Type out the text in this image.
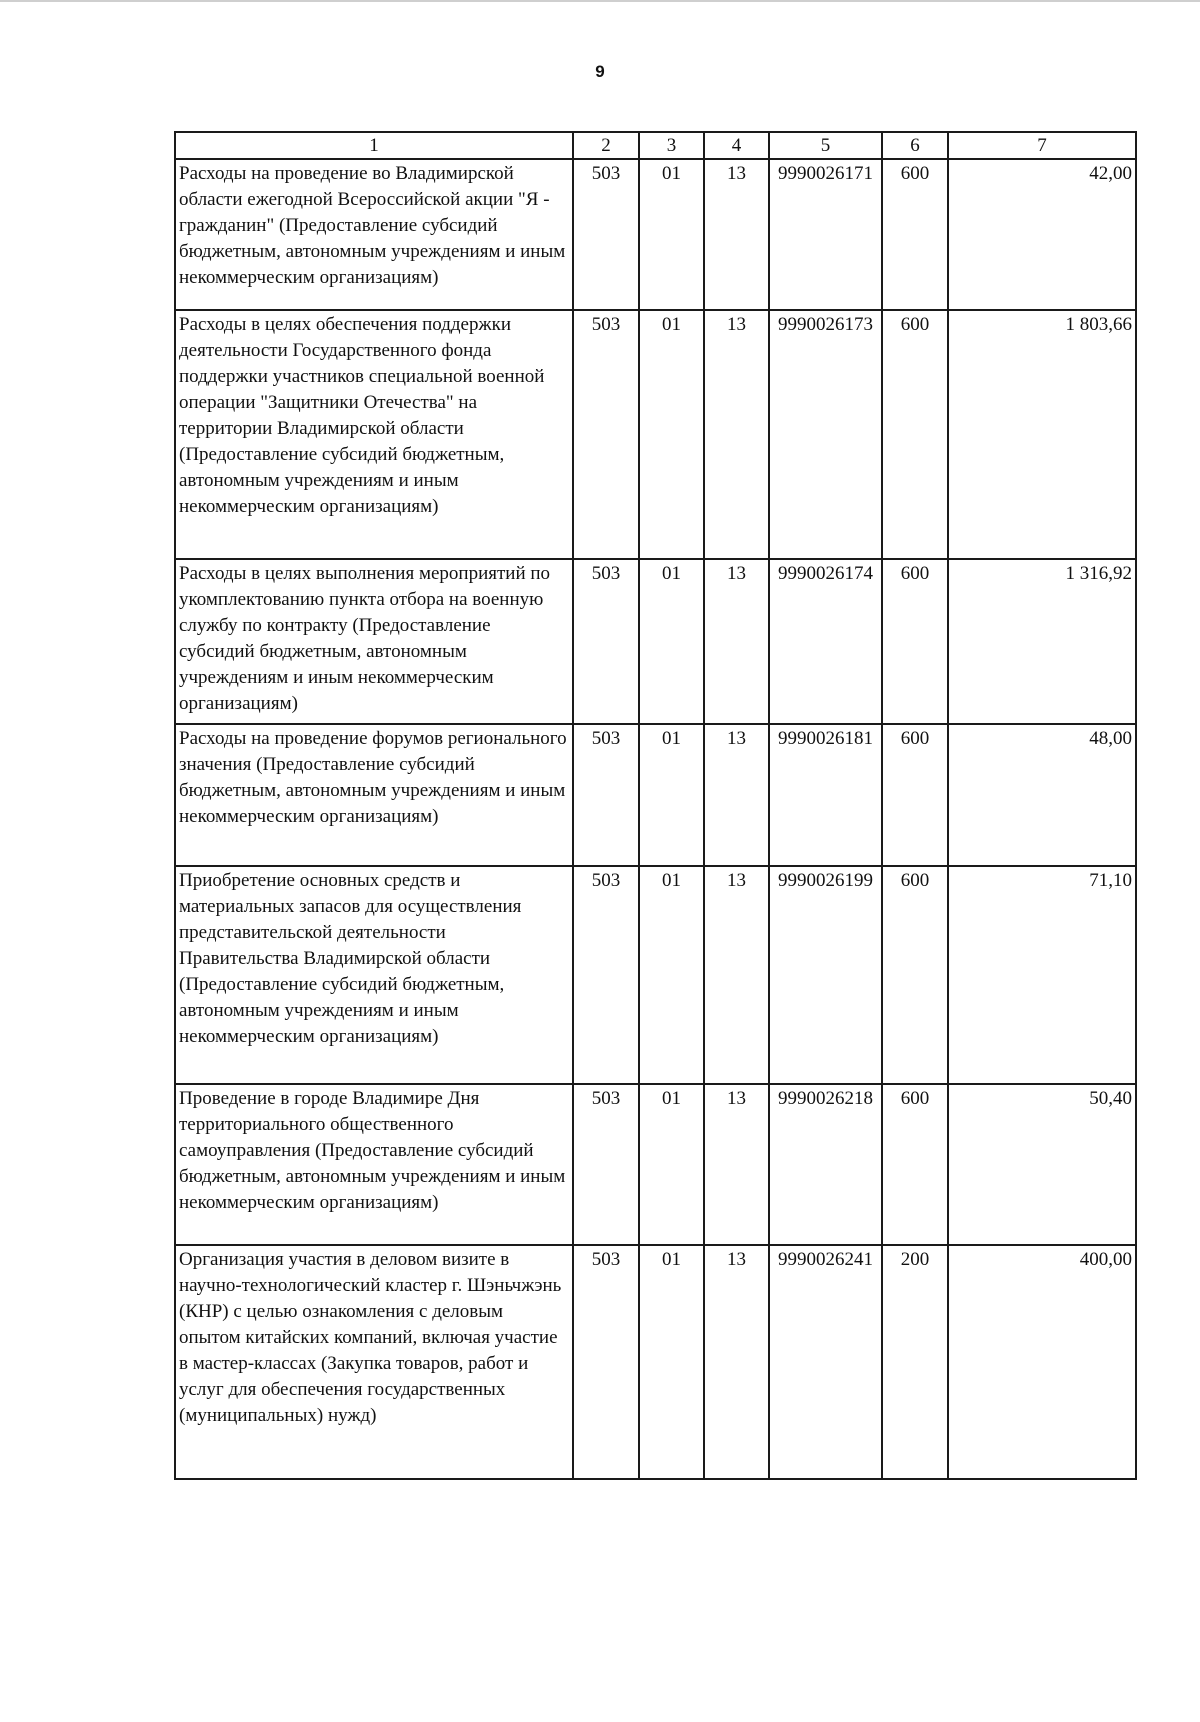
9
1	2	3	4	5	6	7
Расходы на проведение во Владимирской области ежегодной Всероссийской акции "Я - гражданин" (Предоставление субсидий бюджетным, автономным учреждениям и иным некоммерческим организациям)	503	01	13	9990026171	600	42,00
Расходы в целях обеспечения поддержки деятельности Государственного фонда поддержки участников специальной военной операции "Защитники Отечества" на территории Владимирской области (Предоставление субсидий бюджетным, автономным учреждениям и иным некоммерческим организациям)	503	01	13	9990026173	600	1 803,66
Расходы в целях выполнения мероприятий по укомплектованию пункта отбора на военную службу по контракту (Предоставление субсидий бюджетным, автономным учреждениям и иным некоммерческим организациям)	503	01	13	9990026174	600	1 316,92
Расходы на проведение форумов регионального значения (Предоставление субсидий бюджетным, автономным учреждениям и иным некоммерческим организациям)	503	01	13	9990026181	600	48,00
Приобретение основных средств и материальных запасов для осуществления представительской деятельности Правительства Владимирской области (Предоставление субсидий бюджетным, автономным учреждениям и иным некоммерческим организациям)	503	01	13	9990026199	600	71,10
Проведение в городе Владимире Дня территориального общественного самоуправления (Предоставление субсидий бюджетным, автономным учреждениям и иным некоммерческим организациям)	503	01	13	9990026218	600	50,40
Организация участия в деловом визите в научно-технологический кластер г. Шэньчжэнь (КНР) с целью ознакомления с деловым опытом китайских компаний, включая участие в мастер-классах (Закупка товаров, работ и услуг для обеспечения государственных (муниципальных) нужд)	503	01	13	9990026241	200	400,00
